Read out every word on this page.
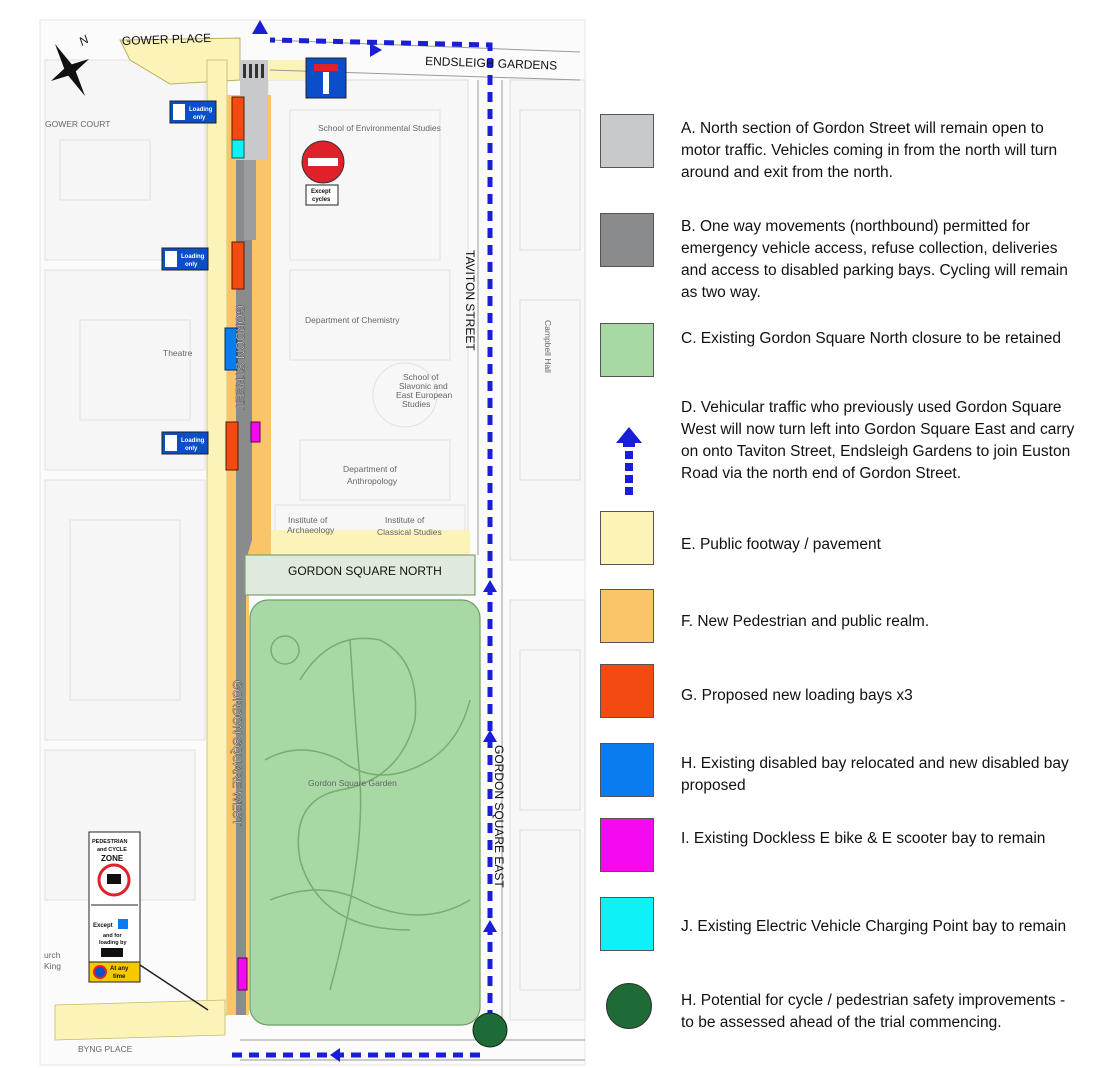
GOWER PLACE
ENDSLEIGH GARDENS
TAVITON STREET
GORDON SQUARE NORTH
GORDON SQUARE EAST
GORDON STREET
GORDON SQUARE WEST
GOWER COURT
BYNG PLACE
School of Environmental Studies
Department of Chemistry
School of
Slavonic and
East European
Studies
Department of
Anthropology
Institute of
Archaeology
Institute of
Classical Studies
Theatre	Campbell Hall
Gordon Square Garden
urch
King
N
Loading
only
Loading
only
Loading
only
Except
cycles
PEDESTRIAN
and CYCLE
ZONE
Except
and for
loading by
At any
time
A. North section of Gordon Street will remain open to motor traffic. Vehicles coming in from the north will turn around and exit from the north.
B. One way movements (northbound) permitted for emergency vehicle access, refuse collection, deliveries and access to disabled parking bays. Cycling will remain as two way.
C. Existing Gordon Square North closure to be retained
D. Vehicular traffic who previously used Gordon Square West will now turn left into Gordon Square East and carry on onto Taviton Street, Endsleigh Gardens to join Euston Road via the north end of Gordon Street.
E. Public footway / pavement
F. New Pedestrian and public realm.
G. Proposed new loading bays x3
H. Existing disabled bay relocated and new disabled bay proposed
I. Existing Dockless E bike & E scooter bay to remain
J. Existing Electric Vehicle Charging Point bay to remain
H. Potential for cycle / pedestrian safety improvements - to be assessed ahead of the trial commencing.
